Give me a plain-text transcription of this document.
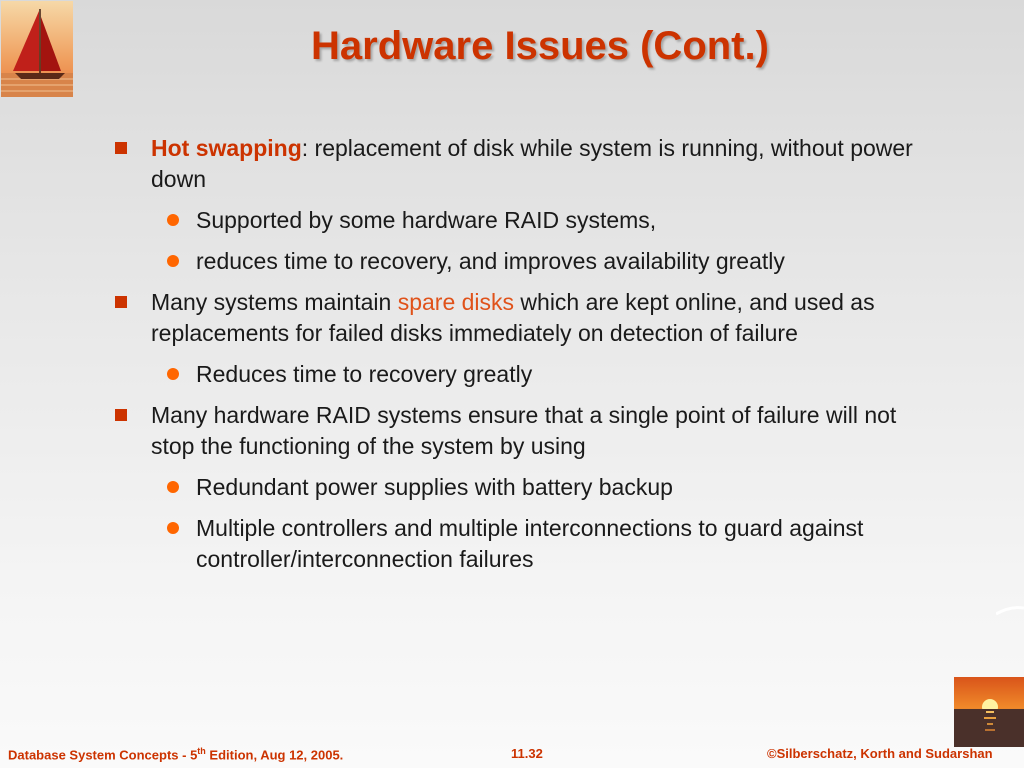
Hardware Issues (Cont.)
Hot swapping: replacement of disk while system is running, without power down
Supported by some hardware RAID systems,
reduces time to recovery, and improves availability greatly
Many systems maintain spare disks which are kept online, and used as replacements for failed disks immediately on detection of failure
Reduces time to recovery greatly
Many hardware RAID systems ensure that a single point of failure will not stop the functioning of the system by using
Redundant power supplies with battery backup
Multiple controllers and multiple interconnections to guard against controller/interconnection failures
Database System Concepts - 5th Edition, Aug 12, 2005.	11.32	©Silberschatz, Korth and Sudarshan
